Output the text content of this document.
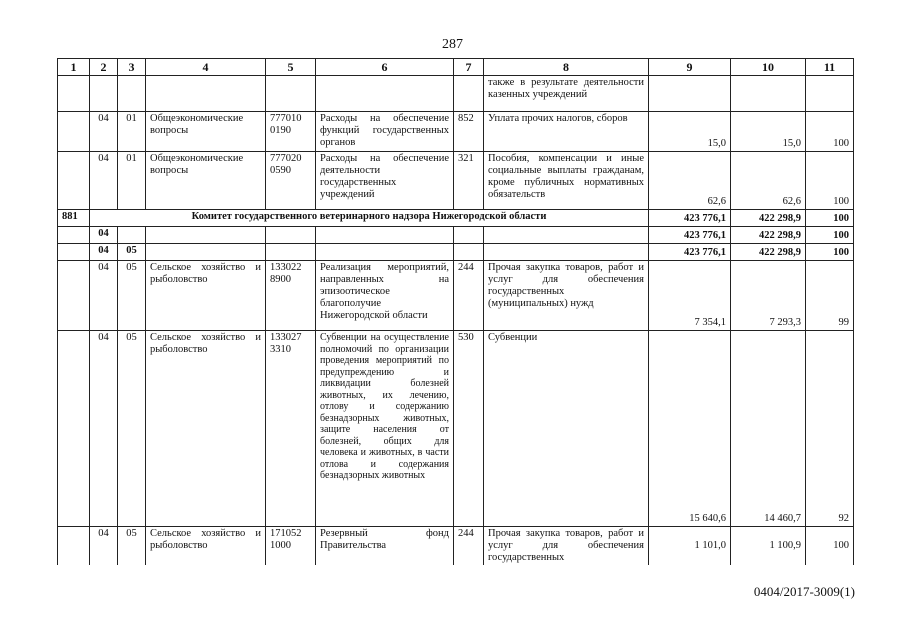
287
1	2	3	4	5	6	7	8	9	10	11
							также в результате деятельности казенных учреждений			
	04	01	Общеэкономические вопросы	777010 0190	Расходы на обеспечение функций государственных органов	852	Уплата прочих налогов, сборов	15,0	15,0	100
	04	01	Общеэкономические вопросы	777020 0590	Расходы на обеспечение деятельности государственных учреждений	321	Пособия, компенсации и иные социальные выплаты гражданам, кроме публичных нормативных обязательств	62,6	62,6	100
881	Комитет государственного ветеринарного надзора Нижегородской области							423 776,1	422 298,9	100
	04							423 776,1	422 298,9	100
	04	05						423 776,1	422 298,9	100
	04	05	Сельское хозяйство и рыболовство	133022 8900	Реализация мероприятий, направленных на эпизоотическое благополучие Нижегородской области	244	Прочая закупка товаров, работ и услуг для обеспечения государственных (муниципальных) нужд	7 354,1	7 293,3	99
	04	05	Сельское хозяйство и рыболовство	133027 3310	Субвенции на осуществление полномочий по организации проведения мероприятий по предупреждению и ликвидации болезней животных, их лечению, отлову и содержанию безнадзорных животных, защите населения от болезней, общих для человека и животных, в части отлова и содержания безнадзорных животных	530	Субвенции	15 640,6	14 460,7	92
	04	05	Сельское хозяйство и рыболовство	171052 1000	Резервный фонд Правительства	244	Прочая закупка товаров, работ и услуг для обеспечения государственных	1 101,0	1 100,9	100
0404/2017-3009(1)
